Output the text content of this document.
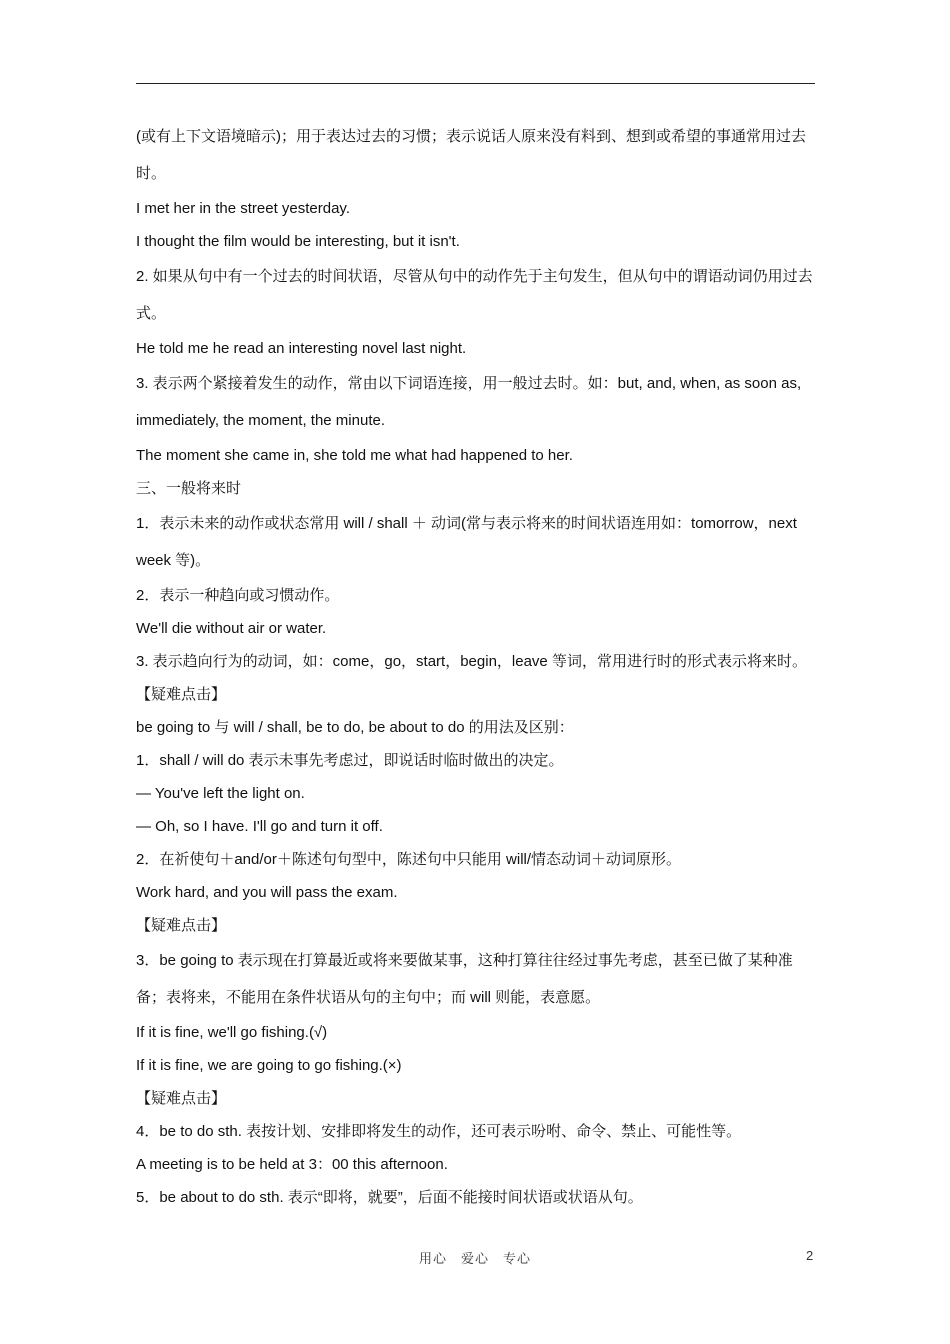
(或有上下文语境暗示)；用于表达过去的习惯；表示说话人原来没有料到、想到或希望的事通常用过去时。

I met her in the street yesterday.

I thought the film would be interesting, but it isn't.

2. 如果从句中有一个过去的时间状语，尽管从句中的动作先于主句发生，但从句中的谓语动词仍用过去式。

He told me he read an interesting novel last night.

3. 表示两个紧接着发生的动作，常由以下词语连接，用一般过去时。如：but, and, when, as soon as, immediately, the moment, the minute.

The moment she came in, she told me what had happened to her.

三、一般将来时

1．表示未来的动作或状态常用 will / shall ＋ 动词(常与表示将来的时间状语连用如：tomorrow，next week 等)。

2．表示一种趋向或习惯动作。

We'll die without air or water.

3. 表示趋向行为的动词，如：come，go，start，begin，leave 等词，常用进行时的形式表示将来时。

【疑难点击】

be going to 与 will / shall, be to do, be about to do 的用法及区别：

1．shall / will do 表示未事先考虑过，即说话时临时做出的决定。

— You've left the light on.

— Oh, so I have. I'll go and turn it off.

2．在祈使句＋and/or＋陈述句句型中，陈述句中只能用 will/情态动词＋动词原形。

Work hard, and you will pass the exam.

【疑难点击】

3．be going to 表示现在打算最近或将来要做某事，这种打算往往经过事先考虑，甚至已做了某种准备；表将来，不能用在条件状语从句的主句中；而 will 则能，表意愿。

If it is fine, we'll go fishing.(√)

If it is fine, we are going to go fishing.(×)

【疑难点击】

4．be to do sth. 表按计划、安排即将发生的动作，还可表示吩咐、命令、禁止、可能性等。

A meeting is to be held at 3：00 this afternoon.

5．be about to do sth. 表示“即将，就要”，后面不能接时间状语或状语从句。

用心　爱心　专心	2
